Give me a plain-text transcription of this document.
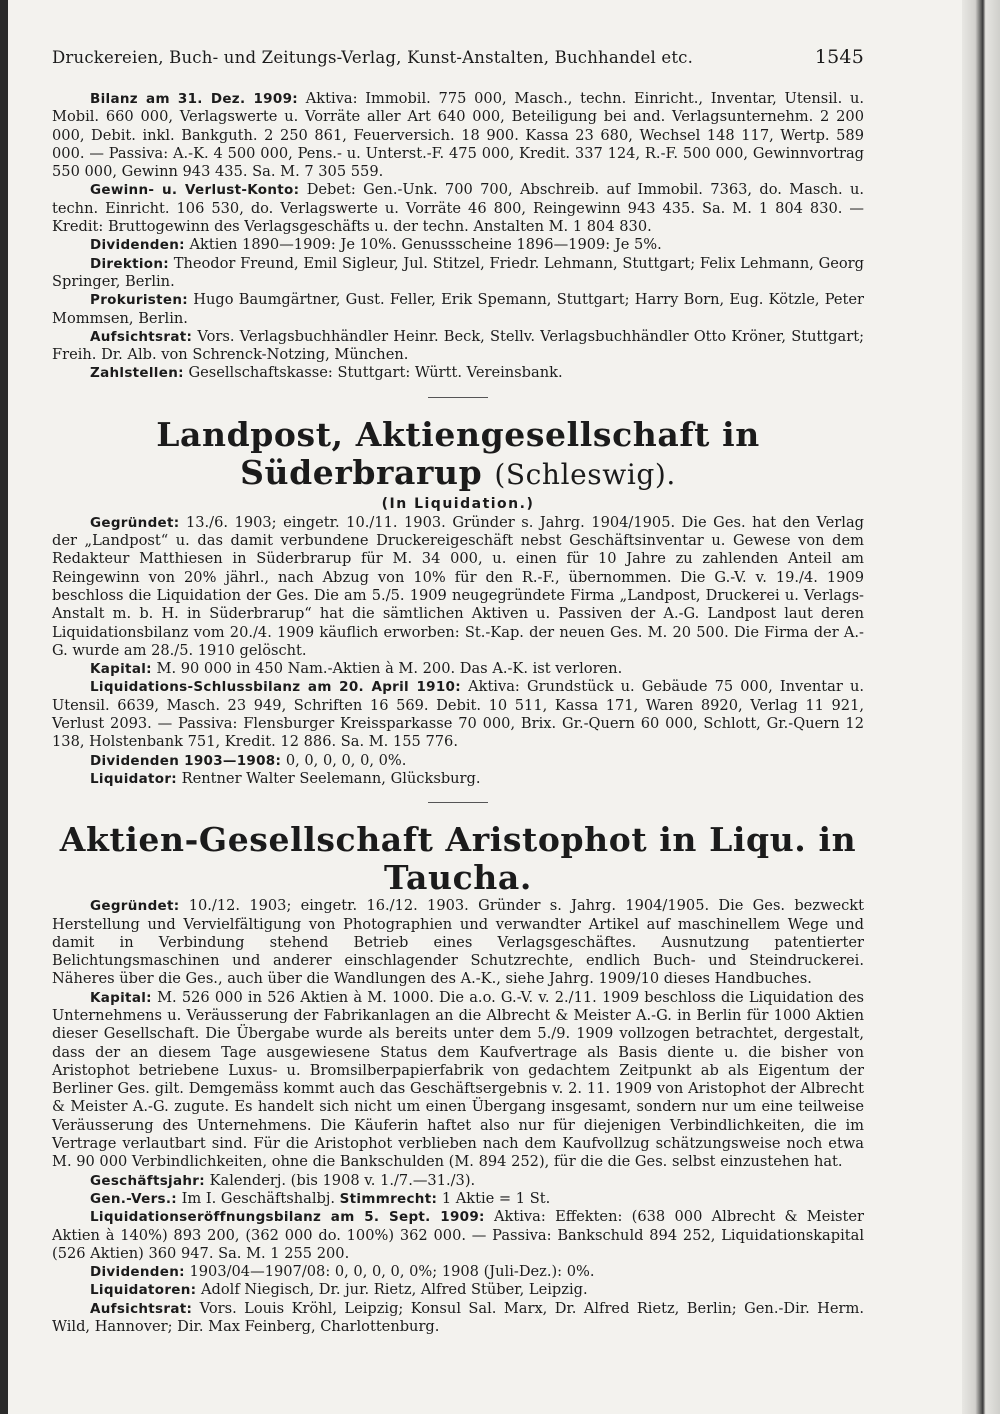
Druckereien, Buch- und Zeitungs-Verlag, Kunst-Anstalten, Buchhandel etc.	1545

Bilanz am 31. Dez. 1909: Aktiva: Immobil. 775 000, Masch., techn. Einricht., Inventar, Utensil. u. Mobil. 660 000, Verlagswerte u. Vorräte aller Art 640 000, Beteiligung bei and. Verlagsunternehm. 2 200 000, Debit. inkl. Bankguth. 2 250 861, Feuerversich. 18 900. Kassa 23 680, Wechsel 148 117, Wertp. 589 000. — Passiva: A.-K. 4 500 000, Pens.- u. Unterst.-F. 475 000, Kredit. 337 124, R.-F. 500 000, Gewinnvortrag 550 000, Gewinn 943 435. Sa. M. 7 305 559.

Gewinn- u. Verlust-Konto: Debet: Gen.-Unk. 700 700, Abschreib. auf Immobil. 7363, do. Masch. u. techn. Einricht. 106 530, do. Verlagswerte u. Vorräte 46 800, Reingewinn 943 435. Sa. M. 1 804 830. — Kredit: Bruttogewinn des Verlagsgeschäfts u. der techn. Anstalten M. 1 804 830.

Dividenden: Aktien 1890—1909: Je 10%. Genussscheine 1896—1909: Je 5%.

Direktion: Theodor Freund, Emil Sigleur, Jul. Stitzel, Friedr. Lehmann, Stuttgart; Felix Lehmann, Georg Springer, Berlin.

Prokuristen: Hugo Baumgärtner, Gust. Feller, Erik Spemann, Stuttgart; Harry Born, Eug. Kötzle, Peter Mommsen, Berlin.

Aufsichtsrat: Vors. Verlagsbuchhändler Heinr. Beck, Stellv. Verlagsbuchhändler Otto Kröner, Stuttgart; Freih. Dr. Alb. von Schrenck-Notzing, München.

Zahlstellen: Gesellschaftskasse: Stuttgart: Württ. Vereinsbank.

Landpost, Aktiengesellschaft in Süderbrarup (Schleswig).
(In Liquidation.)

Gegründet: 13./6. 1903; eingetr. 10./11. 1903. Gründer s. Jahrg. 1904/1905. Die Ges. hat den Verlag der „Landpost“ u. das damit verbundene Druckereigeschäft nebst Geschäftsinventar u. Gewese von dem Redakteur Matthiesen in Süderbrarup für M. 34 000, u. einen für 10 Jahre zu zahlenden Anteil am Reingewinn von 20% jährl., nach Abzug von 10% für den R.-F., übernommen. Die G.-V. v. 19./4. 1909 beschloss die Liquidation der Ges. Die am 5./5. 1909 neugegründete Firma „Landpost, Druckerei u. Verlags-Anstalt m. b. H. in Süderbrarup“ hat die sämtlichen Aktiven u. Passiven der A.-G. Landpost laut deren Liquidationsbilanz vom 20./4. 1909 käuflich erworben: St.-Kap. der neuen Ges. M. 20 500. Die Firma der A.-G. wurde am 28./5. 1910 gelöscht.

Kapital: M. 90 000 in 450 Nam.-Aktien à M. 200. Das A.-K. ist verloren.

Liquidations-Schlussbilanz am 20. April 1910: Aktiva: Grundstück u. Gebäude 75 000, Inventar u. Utensil. 6639, Masch. 23 949, Schriften 16 569. Debit. 10 511, Kassa 171, Waren 8920, Verlag 11 921, Verlust 2093. — Passiva: Flensburger Kreissparkasse 70 000, Brix. Gr.-Quern 60 000, Schlott, Gr.-Quern 12 138, Holstenbank 751, Kredit. 12 886. Sa. M. 155 776.

Dividenden 1903—1908: 0, 0, 0, 0, 0, 0%.

Liquidator: Rentner Walter Seelemann, Glücksburg.

Aktien-Gesellschaft Aristophot in Liqu. in Taucha.

Gegründet: 10./12. 1903; eingetr. 16./12. 1903. Gründer s. Jahrg. 1904/1905. Die Ges. bezweckt Herstellung und Vervielfältigung von Photographien und verwandter Artikel auf maschinellem Wege und damit in Verbindung stehend Betrieb eines Verlagsgeschäftes. Ausnutzung patentierter Belichtungsmaschinen und anderer einschlagender Schutzrechte, endlich Buch- und Steindruckerei. Näheres über die Ges., auch über die Wandlungen des A.-K., siehe Jahrg. 1909/10 dieses Handbuches.

Kapital: M. 526 000 in 526 Aktien à M. 1000. Die a.o. G.-V. v. 2./11. 1909 beschloss die Liquidation des Unternehmens u. Veräusserung der Fabrikanlagen an die Albrecht & Meister A.-G. in Berlin für 1000 Aktien dieser Gesellschaft. Die Übergabe wurde als bereits unter dem 5./9. 1909 vollzogen betrachtet, dergestalt, dass der an diesem Tage ausgewiesene Status dem Kaufvertrage als Basis diente u. die bisher von Aristophot betriebene Luxus- u. Bromsilberpapierfabrik von gedachtem Zeitpunkt ab als Eigentum der Berliner Ges. gilt. Demgemäss kommt auch das Geschäftsergebnis v. 2. 11. 1909 von Aristophot der Albrecht & Meister A.-G. zugute. Es handelt sich nicht um einen Übergang insgesamt, sondern nur um eine teilweise Veräusserung des Unternehmens. Die Käuferin haftet also nur für diejenigen Verbindlichkeiten, die im Vertrage verlautbart sind. Für die Aristophot verblieben nach dem Kaufvollzug schätzungsweise noch etwa M. 90 000 Verbindlichkeiten, ohne die Bankschulden (M. 894 252), für die die Ges. selbst einzustehen hat.

Geschäftsjahr: Kalenderj. (bis 1908 v. 1./7.—31./3).

Gen.-Vers.: Im I. Geschäftshalbj. Stimmrecht: 1 Aktie = 1 St.

Liquidationseröffnungsbilanz am 5. Sept. 1909: Aktiva: Effekten: (638 000 Albrecht & Meister Aktien à 140%) 893 200, (362 000 do. 100%) 362 000. — Passiva: Bankschuld 894 252, Liquidationskapital (526 Aktien) 360 947. Sa. M. 1 255 200.

Dividenden: 1903/04—1907/08: 0, 0, 0, 0, 0%; 1908 (Juli-Dez.): 0%.

Liquidatoren: Adolf Niegisch, Dr. jur. Rietz, Alfred Stüber, Leipzig.

Aufsichtsrat: Vors. Louis Kröhl, Leipzig; Konsul Sal. Marx, Dr. Alfred Rietz, Berlin; Gen.-Dir. Herm. Wild, Hannover; Dir. Max Feinberg, Charlottenburg.
